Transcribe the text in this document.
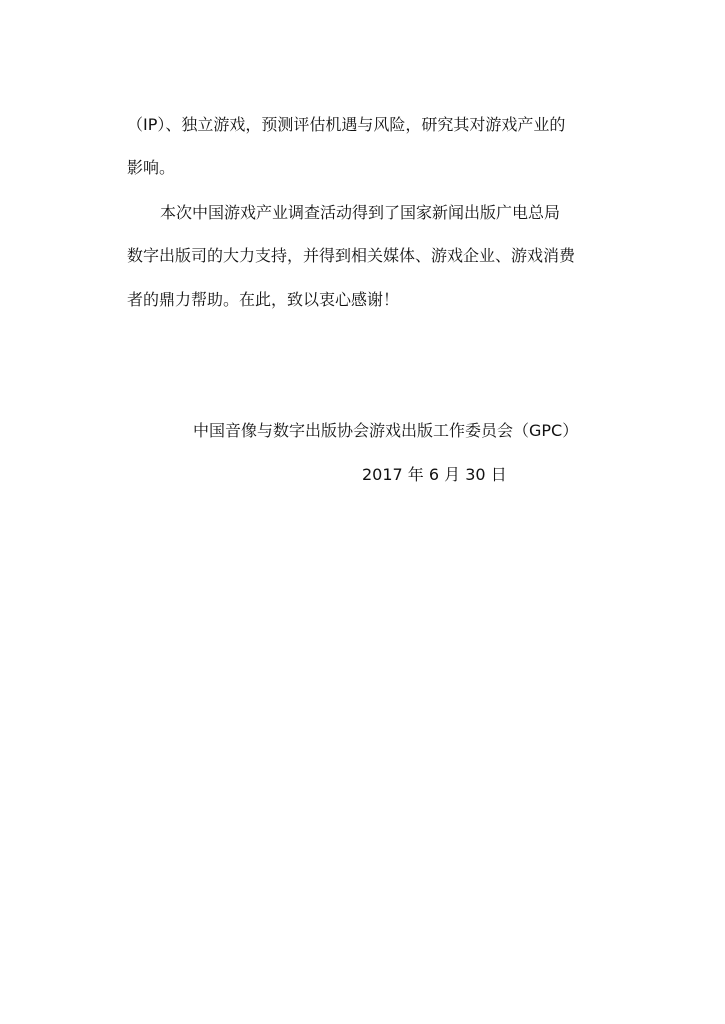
（IP）、独立游戏，预测评估机遇与风险，研究其对游戏产业的
影响。
本次中国游戏产业调查活动得到了国家新闻出版广电总局
数字出版司的大力支持，并得到相关媒体、游戏企业、游戏消费
者的鼎力帮助。在此，致以衷心感谢！
中国音像与数字出版协会游戏出版工作委员会（GPC）
2017 年 6 月 30 日
